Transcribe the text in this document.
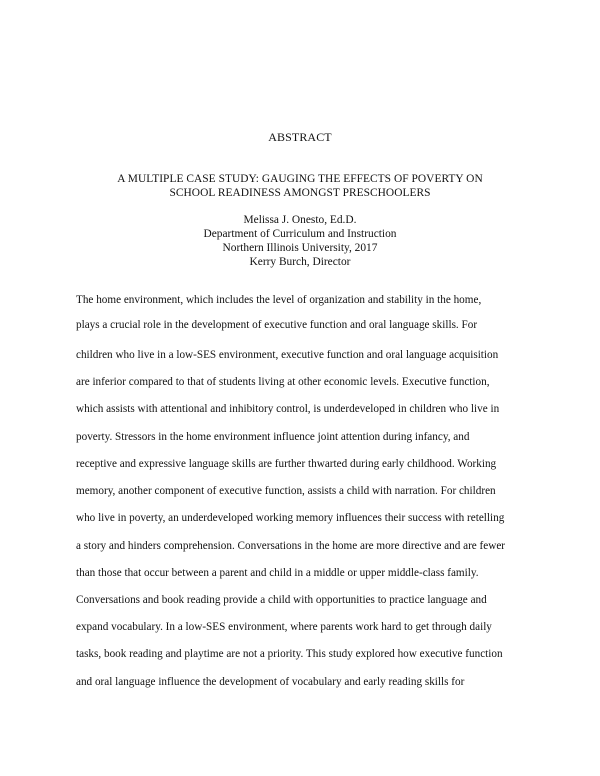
ABSTRACT
A MULTIPLE CASE STUDY: GAUGING THE EFFECTS OF POVERTY ON
SCHOOL READINESS AMONGST PRESCHOOLERS
Melissa J. Onesto, Ed.D.
Department of Curriculum and Instruction
Northern Illinois University, 2017
Kerry Burch, Director
The home environment, which includes the level of organization and stability in the home,
plays a crucial role in the development of executive function and oral language skills. For
children who live in a low-SES environment, executive function and oral language acquisition
are inferior compared to that of students living at other economic levels. Executive function,
which assists with attentional and inhibitory control, is underdeveloped in children who live in
poverty. Stressors in the home environment influence joint attention during infancy, and
receptive and expressive language skills are further thwarted during early childhood. Working
memory, another component of executive function, assists a child with narration. For children
who live in poverty, an underdeveloped working memory influences their success with retelling
a story and hinders comprehension. Conversations in the home are more directive and are fewer
than those that occur between a parent and child in a middle or upper middle-class family.
Conversations and book reading provide a child with opportunities to practice language and
expand vocabulary. In a low-SES environment, where parents work hard to get through daily
tasks, book reading and playtime are not a priority. This study explored how executive function
and oral language influence the development of vocabulary and early reading skills for
